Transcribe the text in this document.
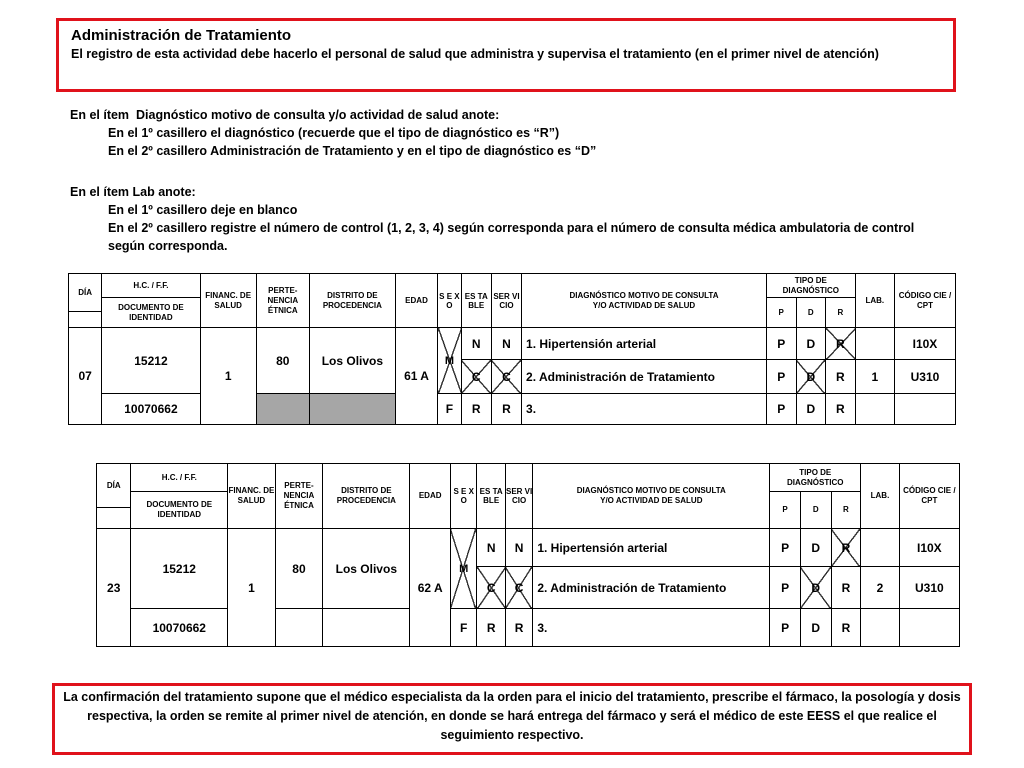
Administración de Tratamiento
El registro de esta actividad debe hacerlo el personal de salud que administra y supervisa el tratamiento (en el primer nivel de atención)
En el ítem Diagnóstico motivo de consulta y/o actividad de salud anote:
En el 1º casillero el diagnóstico (recuerde que el tipo de diagnóstico es “R”)
En el 2º casillero Administración de Tratamiento y en el tipo de diagnóstico es “D”
En el ítem Lab anote:
En el 1º casillero deje en blanco
En el 2º casillero registre el número de control (1, 2, 3, 4) según corresponda para el número de consulta médica ambulatoria de control según corresponda.
DÍA	H.C. / F.F.	FINANC. DE SALUD	PERTE- NENCIA ÉTNICA	DISTRITO DE PROCEDENCIA	EDAD	S E X O	ES TA BLE	SER VI CIO	DIAGNÓSTICO MOTIVO DE CONSULTA Y/O ACTIVIDAD DE SALUD	TIPO DE DIAGNÓSTICO			LAB.	CÓDIGO CIE / CPT
	DOCUMENTO DE IDENTIDAD									P	D	R		

07	15212	1	80	Los Olivos	61 A	M	N	N	1. Hipertensión arterial	P	D	R		I10X
							C	C	2. Administración de Tratamiento	P	D	R	1	U310
	10070662					F	R	R	3.	P	D	R		
DÍA	H.C. / F.F.	FINANC. DE SALUD	PERTE- NENCIA ÉTNICA	DISTRITO DE PROCEDENCIA	EDAD	S E X O	ES TA BLE	SER VI CIO	DIAGNÓSTICO MOTIVO DE CONSULTA Y/O ACTIVIDAD DE SALUD	TIPO DE DIAGNÓSTICO			LAB.	CÓDIGO CIE / CPT
	DOCUMENTO DE IDENTIDAD									P	D	R		

23	15212	1	80	Los Olivos	62 A	M	N	N	1. Hipertensión arterial	P	D	R		I10X
							C	C	2. Administración de Tratamiento	P	D	R	2	U310
	10070662					F	R	R	3.	P	D	R		
La confirmación del tratamiento supone que el médico especialista da la orden para el inicio del tratamiento, prescribe el fármaco, la posología y dosis respectiva, la orden se remite al primer nivel de atención, en donde se hará entrega del fármaco y será el médico de este EESS el que realice el seguimiento respectivo.
